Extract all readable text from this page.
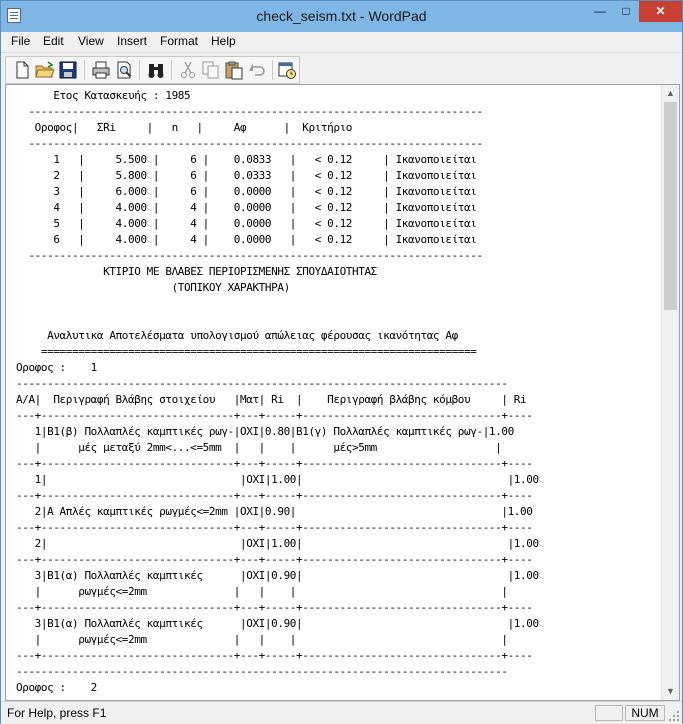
check_seism.txt - WordPad	—	□	✕
File Edit View Insert Format Help
Ετος Κατασκευής : 1985
-------------------------------------------------------------------------
Οροφος|   ΣRi     |   n   |     Αφ      |  Κριτήριο
-------------------------------------------------------------------------
1   |     5.500 |     6 |    0.0833   |   < 0.12     | Ικανοποιείται
2   |     5.800 |     6 |    0.0333   |   < 0.12     | Ικανοποιείται
3   |     6.000 |     6 |    0.0000   |   < 0.12     | Ικανοποιείται
4   |     4.000 |     4 |    0.0000   |   < 0.12     | Ικανοποιείται
5   |     4.000 |     4 |    0.0000   |   < 0.12     | Ικανοποιείται
6   |     4.000 |     4 |    0.0000   |   < 0.12     | Ικανοποιείται
-------------------------------------------------------------------------
ΚΤΙΡΙΟ ΜΕ ΒΛΑΒΕΣ ΠΕΡΙΟΡΙΣΜΕΝΗΣ ΣΠΟΥΔΑΙΟΤΗΤΑΣ
(ΤΟΠΙΚΟΥ ΧΑΡΑΚΤΗΡΑ)

Αναλυτικα Αποτελέσματα υπολογισμού απώλειας φέρουσας ικανότητας Αφ
======================================================================
Οροφος :    1
-------------------------------------------------------------------------------
Α/Α|  Περιγραφή Βλάβης στοιχείου   |Ματ| Ri  |    Περιγραφή βλάβης κόμβου     | Ri
---+-------------------------------+---+-----+--------------------------------+----
1|Β1(β) Πολλαπλές καμπτικές ρωγ-|ΟΧΙ|0.80|Β1(γ) Πολλαπλές καμπτικές ρωγ-|1.00
|      μές μεταξύ 2mm<...<=5mm  |   |    |      μές>5mm                   |
---+-------------------------------+---+-----+--------------------------------+----
1|                               |ΟΧΙ|1.00|                                 |1.00
---+-------------------------------+---+-----+--------------------------------+----
2|Α Απλές καμπτικές ρωγμές<=2mm |ΟΧΙ|0.90|                                 |1.00
---+-------------------------------+---+-----+--------------------------------+----
2|                               |ΟΧΙ|1.00|                                 |1.00
---+-------------------------------+---+-----+--------------------------------+----
3|Β1(α) Πολλαπλές καμπτικές      |ΟΧΙ|0.90|                                 |1.00
|      ρωγμές<=2mm              |   |    |                                 |
---+-------------------------------+---+-----+--------------------------------+----
3|Β1(α) Πολλαπλές καμπτικές      |ΟΧΙ|0.90|                                 |1.00
|      ρωγμές<=2mm              |   |    |                                 |
---+-------------------------------+---+-----+--------------------------------+----
-------------------------------------------------------------------------------
Οροφος :    2
▲
▼
For Help, press F1	NUM
